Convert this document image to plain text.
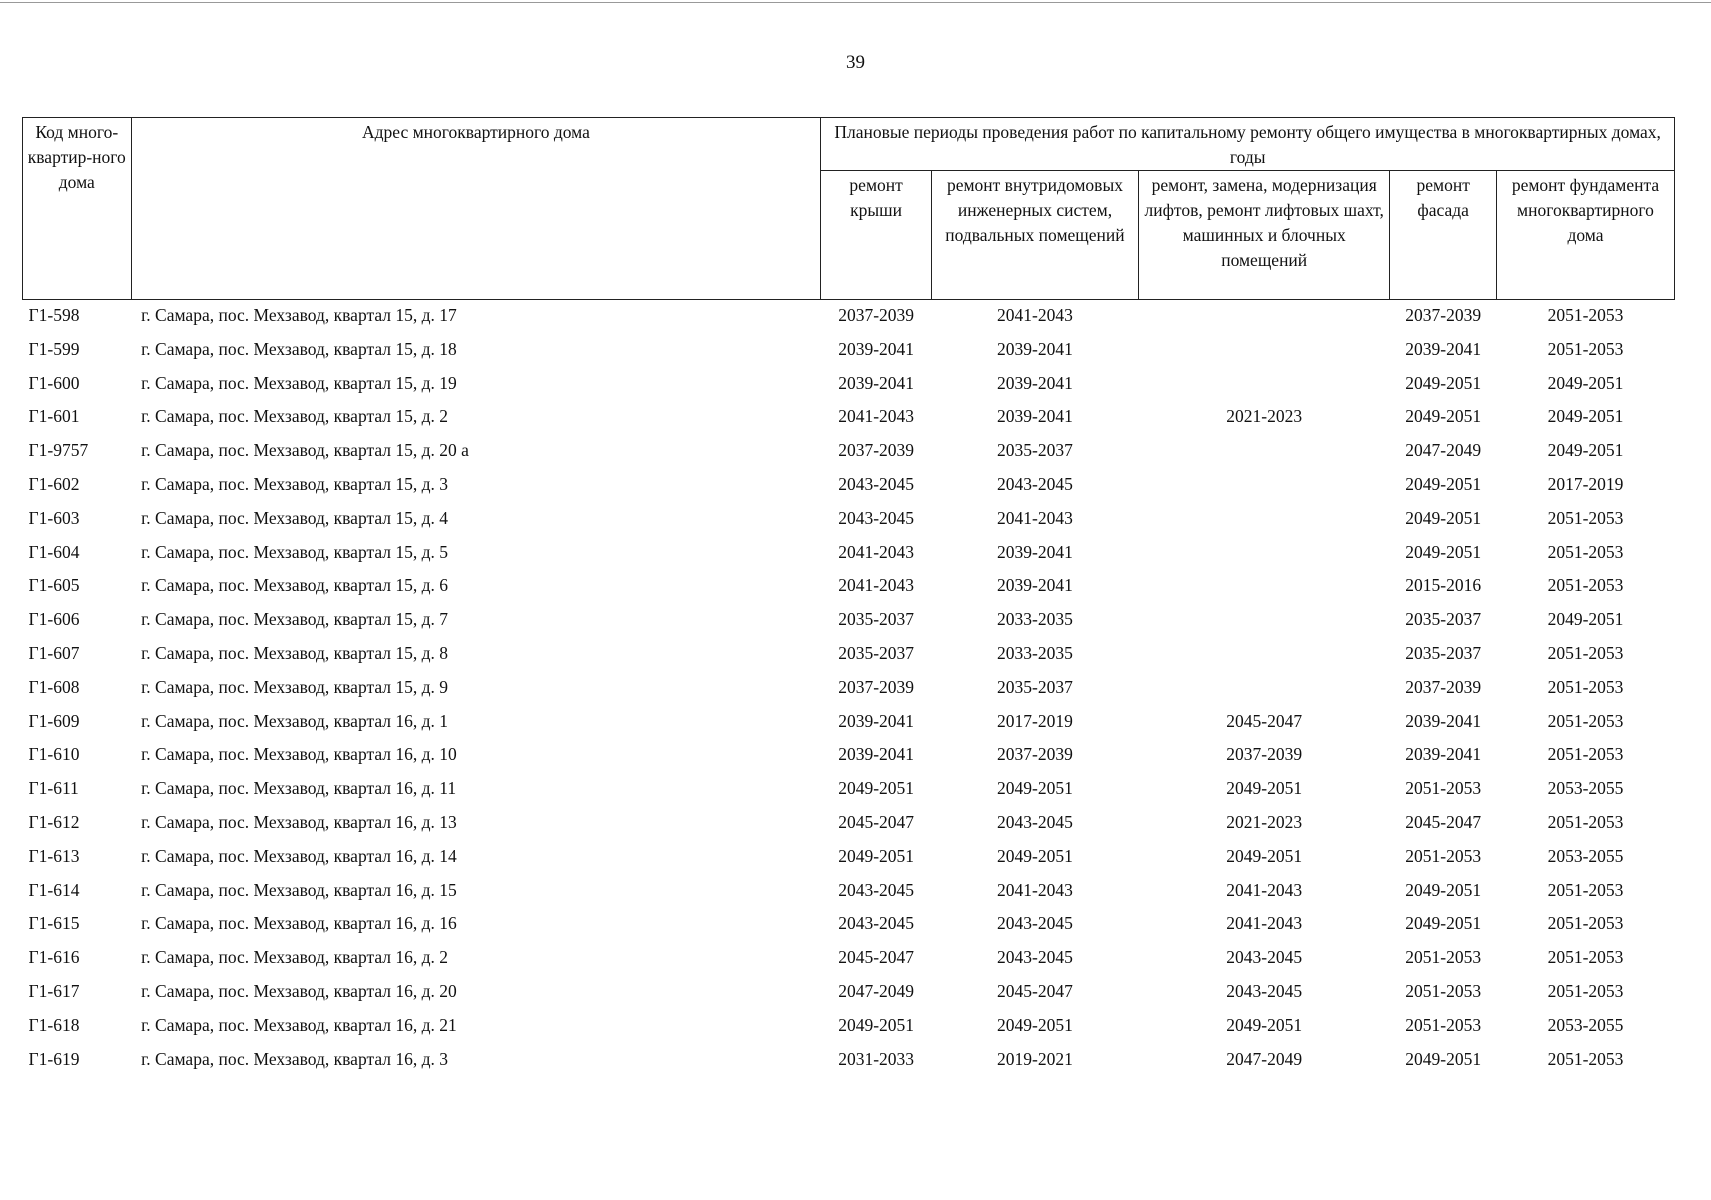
39
Код много-квартир-ного дома	Адрес многоквартирного дома	Плановые периоды проведения работ по капитальному ремонту общего имущества в многоквартирных домах, годы				
		ремонт крыши	ремонт внутридомовых инженерных систем, подвальных помещений	ремонт, замена, модернизация лифтов, ремонт лифтовых шахт, машинных и блочных помещений	ремонт фасада	ремонт фундамента многоквартирного дома
Г1-598	г. Самара, пос. Мехзавод, квартал 15, д. 17	2037-2039	2041-2043		2037-2039	2051-2053
Г1-599	г. Самара, пос. Мехзавод, квартал 15, д. 18	2039-2041	2039-2041		2039-2041	2051-2053
Г1-600	г. Самара, пос. Мехзавод, квартал 15, д. 19	2039-2041	2039-2041		2049-2051	2049-2051
Г1-601	г. Самара, пос. Мехзавод, квартал 15, д. 2	2041-2043	2039-2041	2021-2023	2049-2051	2049-2051
Г1-9757	г. Самара, пос. Мехзавод, квартал 15, д. 20 а	2037-2039	2035-2037		2047-2049	2049-2051
Г1-602	г. Самара, пос. Мехзавод, квартал 15, д. 3	2043-2045	2043-2045		2049-2051	2017-2019
Г1-603	г. Самара, пос. Мехзавод, квартал 15, д. 4	2043-2045	2041-2043		2049-2051	2051-2053
Г1-604	г. Самара, пос. Мехзавод, квартал 15, д. 5	2041-2043	2039-2041		2049-2051	2051-2053
Г1-605	г. Самара, пос. Мехзавод, квартал 15, д. 6	2041-2043	2039-2041		2015-2016	2051-2053
Г1-606	г. Самара, пос. Мехзавод, квартал 15, д. 7	2035-2037	2033-2035		2035-2037	2049-2051
Г1-607	г. Самара, пос. Мехзавод, квартал 15, д. 8	2035-2037	2033-2035		2035-2037	2051-2053
Г1-608	г. Самара, пос. Мехзавод, квартал 15, д. 9	2037-2039	2035-2037		2037-2039	2051-2053
Г1-609	г. Самара, пос. Мехзавод, квартал 16, д. 1	2039-2041	2017-2019	2045-2047	2039-2041	2051-2053
Г1-610	г. Самара, пос. Мехзавод, квартал 16, д. 10	2039-2041	2037-2039	2037-2039	2039-2041	2051-2053
Г1-611	г. Самара, пос. Мехзавод, квартал 16, д. 11	2049-2051	2049-2051	2049-2051	2051-2053	2053-2055
Г1-612	г. Самара, пос. Мехзавод, квартал 16, д. 13	2045-2047	2043-2045	2021-2023	2045-2047	2051-2053
Г1-613	г. Самара, пос. Мехзавод, квартал 16, д. 14	2049-2051	2049-2051	2049-2051	2051-2053	2053-2055
Г1-614	г. Самара, пос. Мехзавод, квартал 16, д. 15	2043-2045	2041-2043	2041-2043	2049-2051	2051-2053
Г1-615	г. Самара, пос. Мехзавод, квартал 16, д. 16	2043-2045	2043-2045	2041-2043	2049-2051	2051-2053
Г1-616	г. Самара, пос. Мехзавод, квартал 16, д. 2	2045-2047	2043-2045	2043-2045	2051-2053	2051-2053
Г1-617	г. Самара, пос. Мехзавод, квартал 16, д. 20	2047-2049	2045-2047	2043-2045	2051-2053	2051-2053
Г1-618	г. Самара, пос. Мехзавод, квартал 16, д. 21	2049-2051	2049-2051	2049-2051	2051-2053	2053-2055
Г1-619	г. Самара, пос. Мехзавод, квартал 16, д. 3	2031-2033	2019-2021	2047-2049	2049-2051	2051-2053
